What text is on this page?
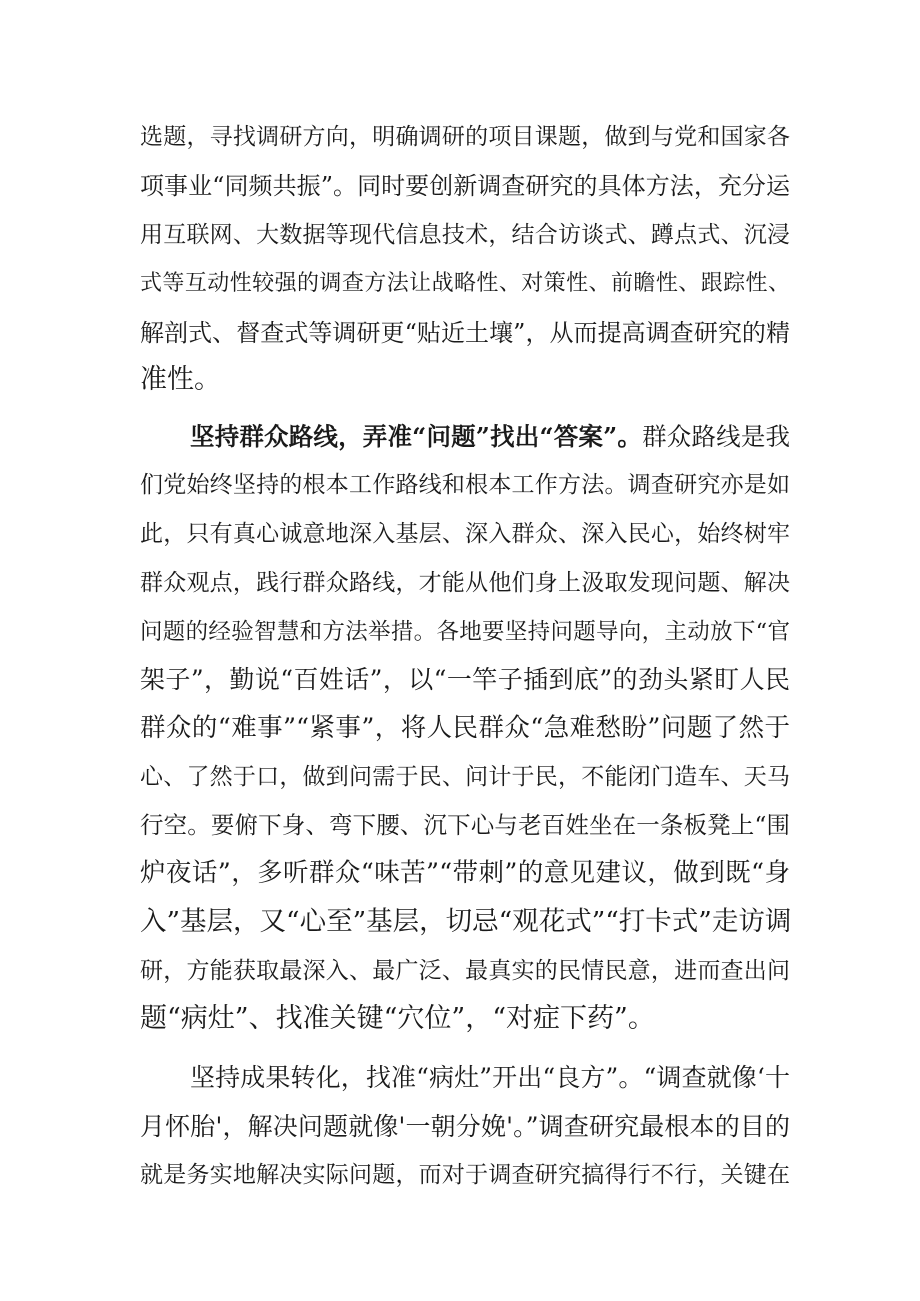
选题，寻找调研方向，明确调研的项目课题，做到与党和国家各
项事业“同频共振”。同时要创新调查研究的具体方法，充分运
用互联网、大数据等现代信息技术，结合访谈式、蹲点式、沉浸
式等互动性较强的调查方法让战略性、对策性、前瞻性、跟踪性、
解剖式、督查式等调研更“贴近土壤”，从而提高调查研究的精
准性。
坚持群众路线，弄准“问题”找出“答案”。群众路线是我
们党始终坚持的根本工作路线和根本工作方法。调查研究亦是如
此，只有真心诚意地深入基层、深入群众、深入民心，始终树牢
群众观点，践行群众路线，才能从他们身上汲取发现问题、解决
问题的经验智慧和方法举措。各地要坚持问题导向，主动放下“官
架子”，勤说“百姓话”，以“一竿子插到底”的劲头紧盯人民
群众的“难事”“紧事”，将人民群众“急难愁盼”问题了然于
心、了然于口，做到问需于民、问计于民，不能闭门造车、天马
行空。要俯下身、弯下腰、沉下心与老百姓坐在一条板凳上“围
炉夜话”，多听群众“味苦”“带刺”的意见建议，做到既“身
入”基层，又“心至”基层，切忌“观花式”“打卡式”走访调
研，方能获取最深入、最广泛、最真实的民情民意，进而查出问
题“病灶”、找准关键“穴位”，“对症下药”。
坚持成果转化，找准“病灶”开出“良方”。“调查就像‘十
月怀胎'，解决问题就像'一朝分娩'。”调查研究最根本的目的
就是务实地解决实际问题，而对于调查研究搞得行不行，关键在
